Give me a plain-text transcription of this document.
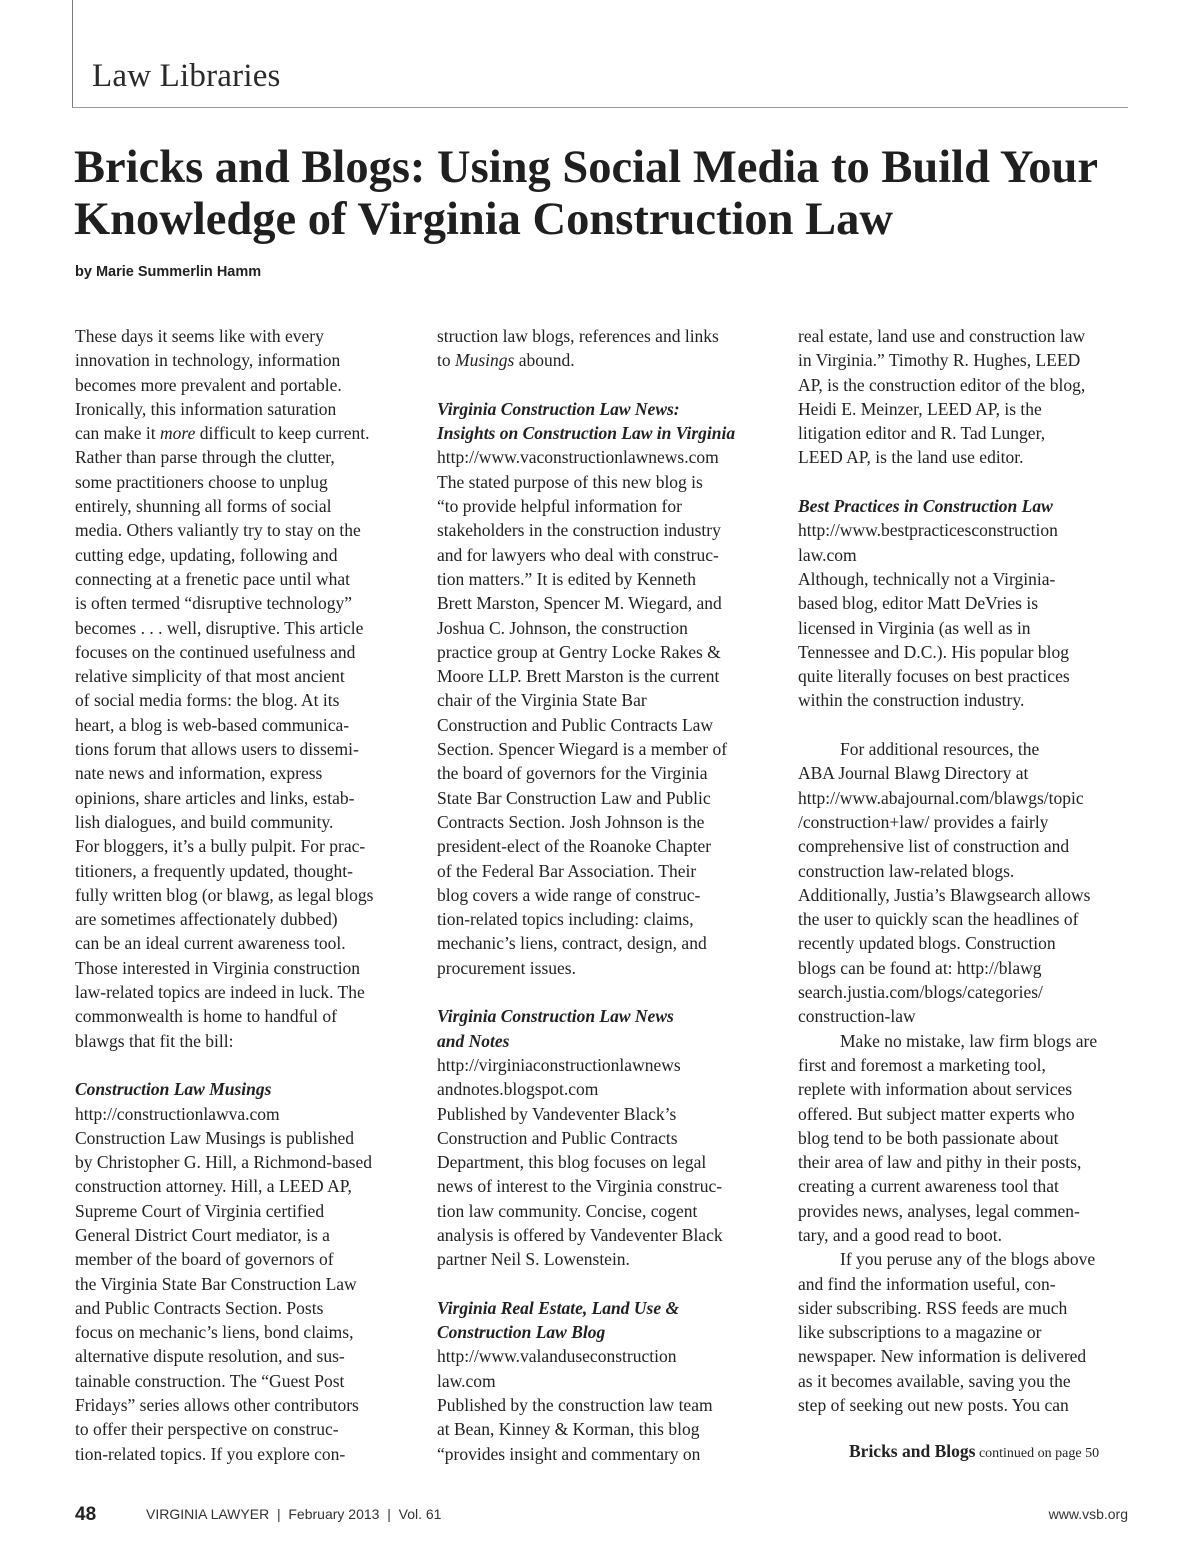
Law Libraries
Bricks and Blogs: Using Social Media to Build Your
Knowledge of Virginia Construction Law
by Marie Summerlin Hamm
These days it seems like with every
innovation in technology, information
becomes more prevalent and portable.
Ironically, this information saturation
can make it more difficult to keep current.
Rather than parse through the clutter,
some practitioners choose to unplug
entirely, shunning all forms of social
media. Others valiantly try to stay on the
cutting edge, updating, following and
connecting at a frenetic pace until what
is often termed “disruptive technology”
becomes . . . well, disruptive. This article
focuses on the continued usefulness and
relative simplicity of that most ancient
of social media forms: the blog. At its
heart, a blog is web-based communica-
tions forum that allows users to dissemi-
nate news and information, express
opinions, share articles and links, estab-
lish dialogues, and build community.
For bloggers, it’s a bully pulpit. For prac-
titioners, a frequently updated, thought-
fully written blog (or blawg, as legal blogs
are sometimes affectionately dubbed)
can be an ideal current awareness tool.
Those interested in Virginia construction
law-related topics are indeed in luck. The
commonwealth is home to handful of
blawgs that fit the bill:
Construction Law Musings
http://constructionlawva.com
Construction Law Musings is published
by Christopher G. Hill, a Richmond-based
construction attorney. Hill, a LEED AP,
Supreme Court of Virginia certified
General District Court mediator, is a
member of the board of governors of
the Virginia State Bar Construction Law
and Public Contracts Section. Posts
focus on mechanic’s liens, bond claims,
alternative dispute resolution, and sus-
tainable construction. The “Guest Post
Fridays” series allows other contributors
to offer their perspective on construc-
tion-related topics. If you explore con-
struction law blogs, references and links
to Musings abound.
Virginia Construction Law News:
Insights on Construction Law in Virginia
http://www.vaconstructionlawnews.com
The stated purpose of this new blog is
“to provide helpful information for
stakeholders in the construction industry
and for lawyers who deal with construc-
tion matters.” It is edited by Kenneth
Brett Marston, Spencer M. Wiegard, and
Joshua C. Johnson, the construction
practice group at Gentry Locke Rakes &
Moore LLP. Brett Marston is the current
chair of the Virginia State Bar
Construction and Public Contracts Law
Section. Spencer Wiegard is a member of
the board of governors for the Virginia
State Bar Construction Law and Public
Contracts Section. Josh Johnson is the
president-elect of the Roanoke Chapter
of the Federal Bar Association. Their
blog covers a wide range of construc-
tion-related topics including: claims,
mechanic’s liens, contract, design, and
procurement issues.
Virginia Construction Law News
and Notes
http://virginiaconstructionlawnews
andnotes.blogspot.com
Published by Vandeventer Black’s
Construction and Public Contracts
Department, this blog focuses on legal
news of interest to the Virginia construc-
tion law community. Concise, cogent
analysis is offered by Vandeventer Black
partner Neil S. Lowenstein.
Virginia Real Estate, Land Use &
Construction Law Blog
http://www.valanduseconstruction
law.com
Published by the construction law team
at Bean, Kinney & Korman, this blog
“provides insight and commentary on
real estate, land use and construction law
in Virginia.” Timothy R. Hughes, LEED
AP, is the construction editor of the blog,
Heidi E. Meinzer, LEED AP, is the
litigation editor and R. Tad Lunger,
LEED AP, is the land use editor.
Best Practices in Construction Law
http://www.bestpracticesconstruction
law.com
Although, technically not a Virginia-
based blog, editor Matt DeVries is
licensed in Virginia (as well as in
Tennessee and D.C.). His popular blog
quite literally focuses on best practices
within the construction industry.
For additional resources, the
ABA Journal Blawg Directory at
http://www.abajournal.com/blawgs/topic
/construction+law/ provides a fairly
comprehensive list of construction and
construction law-related blogs.
Additionally, Justia’s Blawgsearch allows
the user to quickly scan the headlines of
recently updated blogs. Construction
blogs can be found at: http://blawg
search.justia.com/blogs/categories/
construction-law
Make no mistake, law firm blogs are
first and foremost a marketing tool,
replete with information about services
offered. But subject matter experts who
blog tend to be both passionate about
their area of law and pithy in their posts,
creating a current awareness tool that
provides news, analyses, legal commen-
tary, and a good read to boot.
If you peruse any of the blogs above
and find the information useful, con-
sider subscribing. RSS feeds are much
like subscriptions to a magazine or
newspaper. New information is delivered
as it becomes available, saving you the
step of seeking out new posts. You can
Bricks and Blogs continued on page 50
48	VIRGINIA LAWYER  |  February 2013  |  Vol. 61	www.vsb.org
